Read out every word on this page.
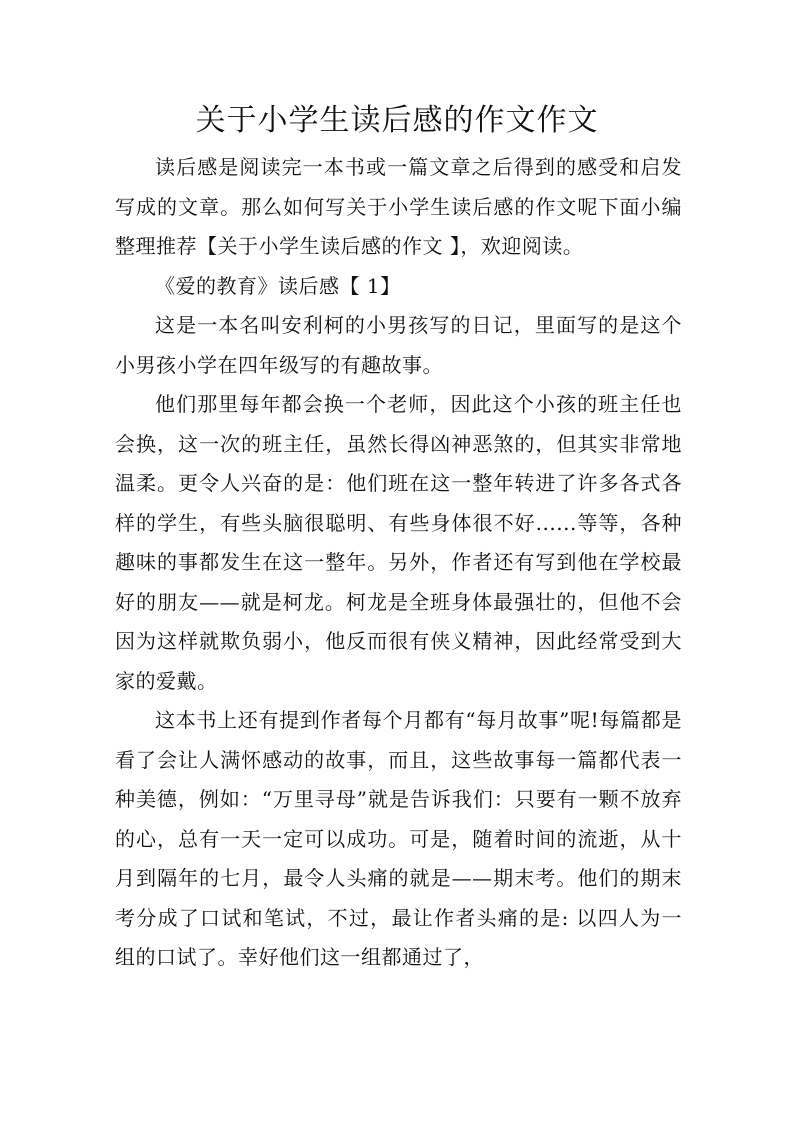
关于小学生读后感的作文作文

读后感是阅读完一本书或一篇文章之后得到的感受和启发写成的文章。那么如何写关于小学生读后感的作文呢下面小编整理推荐【关于小学生读后感的作文 】，欢迎阅读。

《爱的教育》读后感【 1】

这是一本名叫安利柯的小男孩写的日记，里面写的是这个小男孩小学在四年级写的有趣故事。

他们那里每年都会换一个老师，因此这个小孩的班主任也会换，这一次的班主任，虽然长得凶神恶煞的，但其实非常地温柔。更令人兴奋的是：他们班在这一整年转进了许多各式各样的学生，有些头脑很聪明、有些身体很不好......等等，各种趣味的事都发生在这一整年。另外，作者还有写到他在学校最好的朋友——就是柯龙。柯龙是全班身体最强壮的，但他不会因为这样就欺负弱小，他反而很有侠义精神，因此经常受到大家的爱戴。

这本书上还有提到作者每个月都有“每月故事”呢!每篇都是看了会让人满怀感动的故事，而且，这些故事每一篇都代表一种美德，例如：“万里寻母”就是告诉我们：只要有一颗不放弃的心，总有一天一定可以成功。可是，随着时间的流逝，从十月到隔年的七月，最令人头痛的就是——期末考。他们的期末考分成了口试和笔试，不过，最让作者头痛的是: 以四人为一组的口试了。幸好他们这一组都通过了，
